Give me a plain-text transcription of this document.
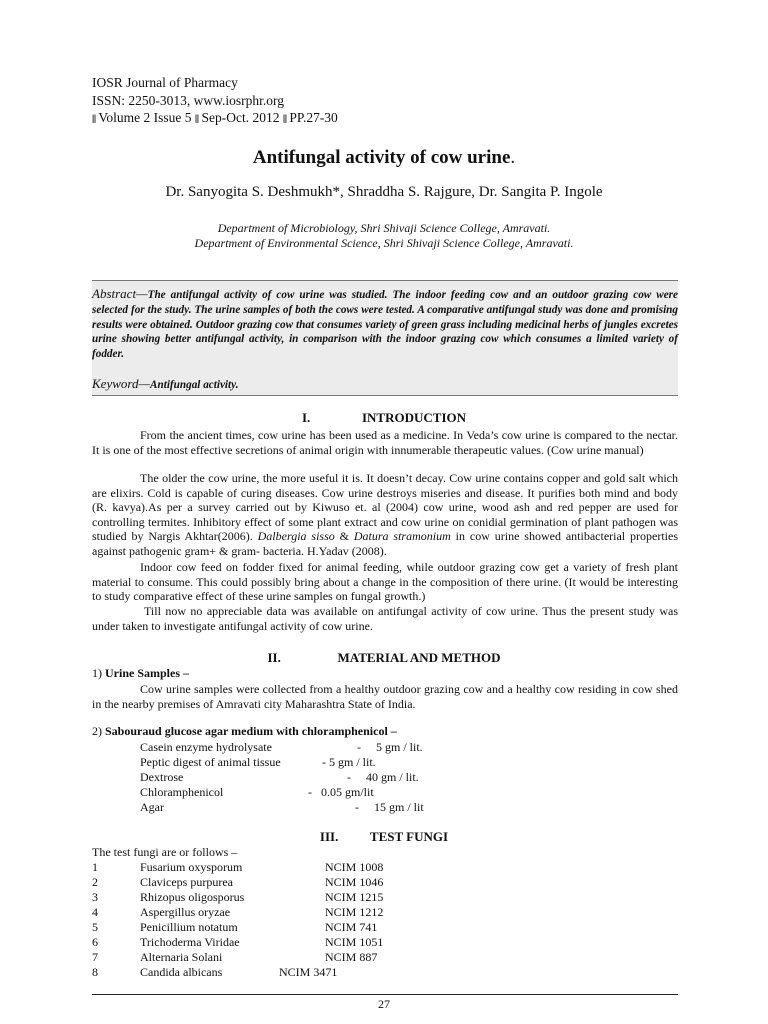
IOSR Journal of Pharmacy
ISSN: 2250-3013, www.iosrphr.org
|||| Volume 2 Issue 5 |||| Sep-Oct. 2012 |||| PP.27-30
Antifungal activity of cow urine.
Dr. Sanyogita S. Deshmukh*, Shraddha S. Rajgure, Dr. Sangita P. Ingole
Department of Microbiology, Shri Shivaji Science College, Amravati.
Department of Environmental Science, Shri Shivaji Science College, Amravati.
Abstract—The antifungal activity of cow urine was studied. The indoor feeding cow and an outdoor grazing cow were selected for the study. The urine samples of both the cows were tested. A comparative antifungal study was done and promising results were obtained. Outdoor grazing cow that consumes variety of green grass including medicinal herbs of jungles excretes urine showing better antifungal activity, in comparison with the indoor grazing cow which consumes a limited variety of fodder.
Keyword—Antifungal activity.
I.	INTRODUCTION
From the ancient times, cow urine has been used as a medicine. In Veda’s cow urine is compared to the nectar. It is one of the most effective secretions of animal origin with innumerable therapeutic values. (Cow urine manual)
The older the cow urine, the more useful it is. It doesn’t decay. Cow urine contains copper and gold salt which are elixirs. Cold is capable of curing diseases. Cow urine destroys miseries and disease. It purifies both mind and body (R. kavya).As per a survey carried out by Kiwuso et. al (2004) cow urine, wood ash and red pepper are used for controlling termites. Inhibitory effect of some plant extract and cow urine on conidial germination of plant pathogen was studied by Nargis Akhtar(2006). Dalbergia sisso & Datura stramonium in cow urine showed antibacterial properties against pathogenic gram+ & gram- bacteria. H.Yadav (2008).
Indoor cow feed on fodder fixed for animal feeding, while outdoor grazing cow get a variety of fresh plant material to consume. This could possibly bring about a change in the composition of there urine. (It would be interesting to study comparative effect of these urine samples on fungal growth.)
Till now no appreciable data was available on antifungal activity of cow urine. Thus the present study was under taken to investigate antifungal activity of cow urine.
II.	MATERIAL AND METHOD
1) Urine Samples –
Cow urine samples were collected from a healthy outdoor grazing cow and a healthy cow residing in cow shed in the nearby premises of Amravati city Maharashtra State of India.
2) Sabouraud glucose agar medium with chloramphenicol –
Casein enzyme hydrolysate	-     5 gm / lit.
Peptic digest of animal tissue	- 5 gm / lit.
Dextrose	-     40 gm / lit.
Chloramphenicol	-   0.05 gm/lit
Agar	-     15 gm / lit
III. TEST FUNGI
The test fungi are or follows –
1	Fusarium oxysporum	NCIM 1008
2	Claviceps purpurea	NCIM 1046
3	Rhizopus oligosporus	NCIM 1215
4	Aspergillus oryzae	NCIM 1212
5	Penicillium notatum	NCIM 741
6	Trichoderma Viridae	NCIM 1051
7	Alternaria Solani	NCIM 887
8	Candida albicans	NCIM 3471
27
